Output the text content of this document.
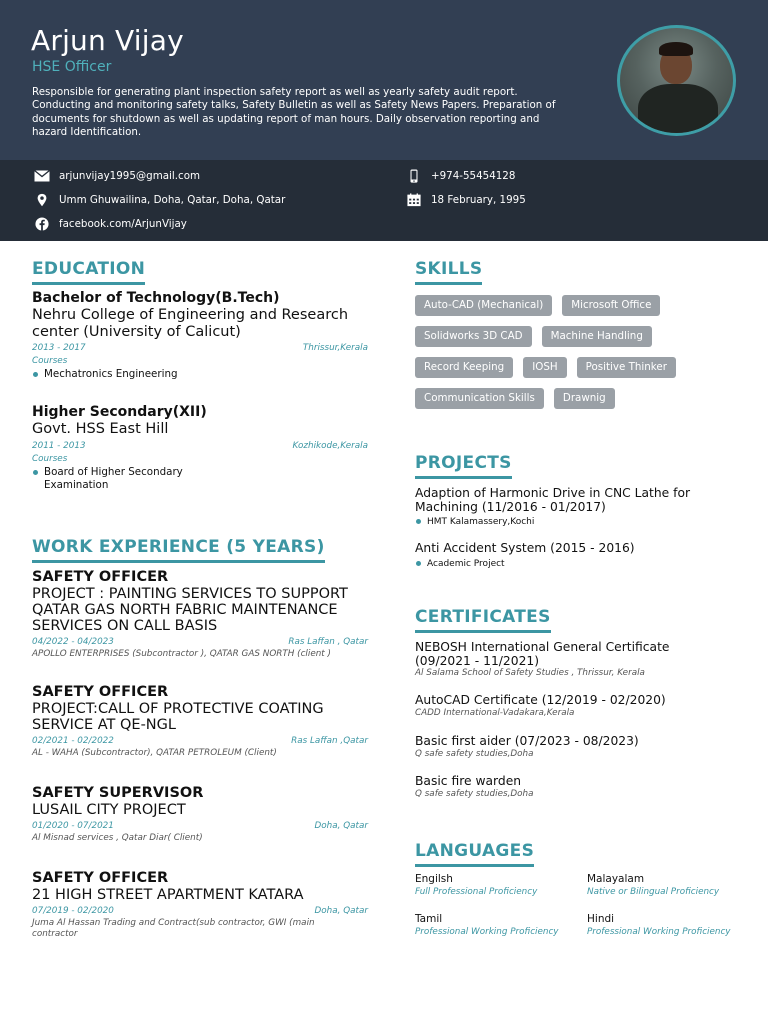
Arjun Vijay
HSE Officer
Responsible for generating plant inspection safety report as well as yearly safety audit report. Conducting and monitoring safety talks, Safety Bulletin as well as Safety News Papers. Preparation of documents for shutdown as well as updating report of man hours. Daily observation reporting and hazard Identification.
arjunvijay1995@gmail.com
Umm Ghuwailina, Doha, Qatar, Doha, Qatar
facebook.com/ArjunVijay
+974-55454128
18 February, 1995
EDUCATION
Bachelor of Technology(B.Tech)
Nehru College of Engineering and Research center (University of Calicut)
2013 - 2017	Thrissur,Kerala
Courses
Mechatronics Engineering
Higher Secondary(XII)
Govt. HSS East Hill
2011 - 2013	Kozhikode,Kerala
Courses
Board of Higher Secondary Examination
WORK EXPERIENCE (5 YEARS)
SAFETY OFFICER
PROJECT : PAINTING SERVICES TO SUPPORT QATAR GAS NORTH FABRIC MAINTENANCE SERVICES ON CALL BASIS
04/2022 - 04/2023	Ras Laffan , Qatar
APOLLO ENTERPRISES (Subcontractor ), QATAR GAS NORTH (client )
SAFETY OFFICER
PROJECT:CALL OF PROTECTIVE COATING SERVICE AT QE-NGL
02/2021 - 02/2022	Ras Laffan ,Qatar
AL - WAHA (Subcontractor), QATAR PETROLEUM (Client)
SAFETY SUPERVISOR
LUSAIL CITY PROJECT
01/2020 - 07/2021	Doha, Qatar
Al Misnad services , Qatar Diar( Client)
SAFETY OFFICER
21 HIGH STREET APARTMENT KATARA
07/2019 - 02/2020	Doha, Qatar
Juma Al Hassan Trading and Contract(sub contractor, GWI (main contractor
SKILLS
Auto-CAD (Mechanical)	Microsoft Office
Solidworks 3D CAD	Machine Handling
Record Keeping	IOSH	Positive Thinker
Communication Skills	Drawnig
PROJECTS
Adaption of Harmonic Drive in CNC Lathe for Machining (11/2016 - 01/2017)
HMT Kalamassery,Kochi
Anti Accident System (2015 - 2016)
Academic Project
CERTIFICATES
NEBOSH International General Certificate (09/2021 - 11/2021)
Al Salama School of Safety Studies , Thrissur, Kerala
AutoCAD Certificate (12/2019 - 02/2020)
CADD International-Vadakara,Kerala
Basic first aider (07/2023 - 08/2023)
Q safe safety studies,Doha
Basic fire warden
Q safe safety studies,Doha
LANGUAGES
Engilsh
Full Professional Proficiency
Malayalam
Native or Bilingual Proficiency
Tamil
Professional Working Proficiency
Hindi
Professional Working Proficiency
